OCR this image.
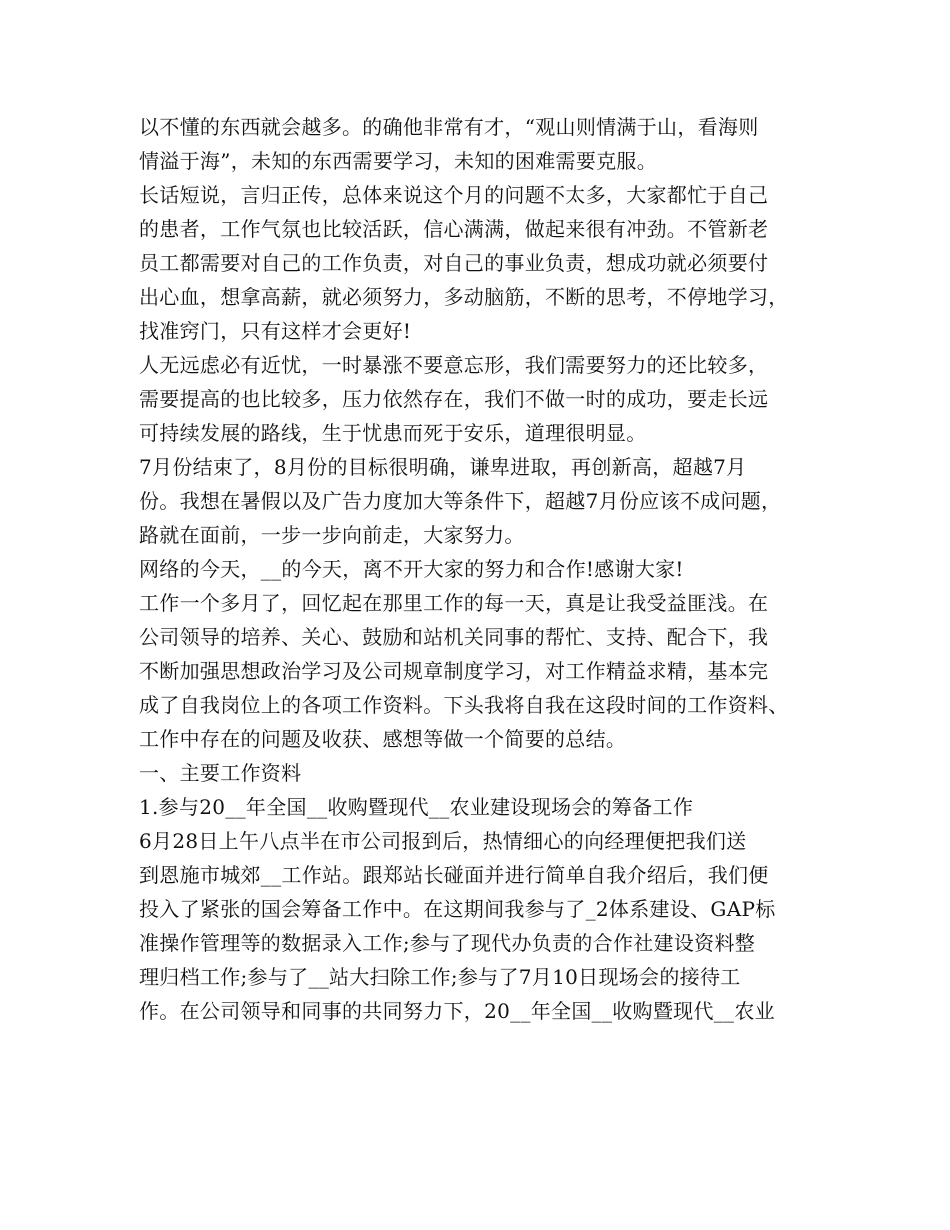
以不懂的东西就会越多。的确他非常有才，“观山则情满于山，看海则
情溢于海”，未知的东西需要学习，未知的困难需要克服。
长话短说，言归正传，总体来说这个月的问题不太多，大家都忙于自己
的患者，工作气氛也比较活跃，信心满满，做起来很有冲劲。不管新老
员工都需要对自己的工作负责，对自己的事业负责，想成功就必须要付
出心血，想拿高薪，就必须努力，多动脑筋，不断的思考，不停地学习，
找准窍门，只有这样才会更好!
人无远虑必有近忧，一时暴涨不要意忘形，我们需要努力的还比较多，
需要提高的也比较多，压力依然存在，我们不做一时的成功，要走长远
可持续发展的路线，生于忧患而死于安乐，道理很明显。
7月份结束了，8月份的目标很明确，谦卑进取，再创新高，超越7月
份。我想在暑假以及广告力度加大等条件下，超越7月份应该不成问题，
路就在面前，一步一步向前走，大家努力。
网络的今天，__的今天，离不开大家的努力和合作!感谢大家!
工作一个多月了，回忆起在那里工作的每一天，真是让我受益匪浅。在
公司领导的培养、关心、鼓励和站机关同事的帮忙、支持、配合下，我
不断加强思想政治学习及公司规章制度学习，对工作精益求精，基本完
成了自我岗位上的各项工作资料。下头我将自我在这段时间的工作资料、
工作中存在的问题及收获、感想等做一个简要的总结。
一、主要工作资料
1.参与20__年全国__收购暨现代__农业建设现场会的筹备工作
6月28日上午八点半在市公司报到后，热情细心的向经理便把我们送
到恩施市城郊__工作站。跟郑站长碰面并进行简单自我介绍后，我们便
投入了紧张的国会筹备工作中。在这期间我参与了_2体系建设、GAP标
准操作管理等的数据录入工作;参与了现代办负责的合作社建设资料整
理归档工作;参与了__站大扫除工作;参与了7月10日现场会的接待工
作。在公司领导和同事的共同努力下，20__年全国__收购暨现代__农业
